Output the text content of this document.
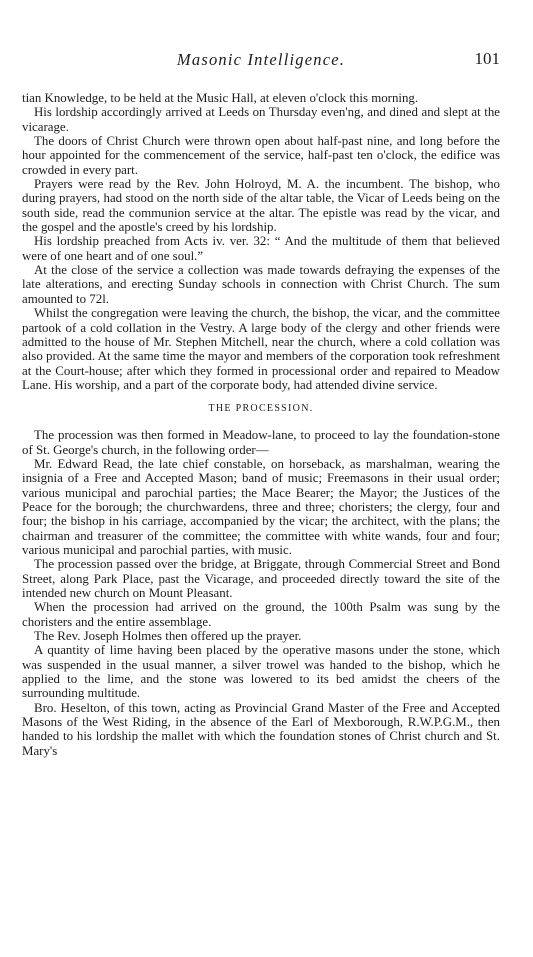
Masonic Intelligence.	101

tian Knowledge, to be held at the Music Hall, at eleven o'clock this morning.

His lordship accordingly arrived at Leeds on Thursday even'ng, and dined and slept at the vicarage.

The doors of Christ Church were thrown open about half-past nine, and long before the hour appointed for the commencement of the service, half-past ten o'clock, the edifice was crowded in every part.

Prayers were read by the Rev. John Holroyd, M. A. the incumbent. The bishop, who during prayers, had stood on the north side of the altar table, the Vicar of Leeds being on the south side, read the communion service at the altar. The epistle was read by the vicar, and the gospel and the apostle's creed by his lordship.

His lordship preached from Acts iv. ver. 32: “ And the multitude of them that believed were of one heart and of one soul.”

At the close of the service a collection was made towards defraying the expenses of the late alterations, and erecting Sunday schools in connection with Christ Church. The sum amounted to 72l.

Whilst the congregation were leaving the church, the bishop, the vicar, and the committee partook of a cold collation in the Vestry. A large body of the clergy and other friends were admitted to the house of Mr. Stephen Mitchell, near the church, where a cold collation was also provided. At the same time the mayor and members of the corporation took refreshment at the Court-house; after which they formed in processional order and repaired to Meadow Lane. His worship, and a part of the corporate body, had attended divine service.

THE PROCESSION.

The procession was then formed in Meadow-lane, to proceed to lay the foundation-stone of St. George's church, in the following order—

Mr. Edward Read, the late chief constable, on horseback, as marshalman, wearing the insignia of a Free and Accepted Mason; band of music; Freemasons in their usual order; various municipal and parochial parties; the Mace Bearer; the Mayor; the Justices of the Peace for the borough; the churchwardens, three and three; choristers; the clergy, four and four; the bishop in his carriage, accompanied by the vicar; the architect, with the plans; the chairman and treasurer of the committee; the committee with white wands, four and four; various municipal and parochial parties, with music.

The procession passed over the bridge, at Briggate, through Commercial Street and Bond Street, along Park Place, past the Vicarage, and proceeded directly toward the site of the intended new church on Mount Pleasant.

When the procession had arrived on the ground, the 100th Psalm was sung by the choristers and the entire assemblage.

The Rev. Joseph Holmes then offered up the prayer.

A quantity of lime having been placed by the operative masons under the stone, which was suspended in the usual manner, a silver trowel was handed to the bishop, which he applied to the lime, and the stone was lowered to its bed amidst the cheers of the surrounding multitude.

Bro. Heselton, of this town, acting as Provincial Grand Master of the Free and Accepted Masons of the West Riding, in the absence of the Earl of Mexborough, R.W.P.G.M., then handed to his lordship the mallet with which the foundation stones of Christ church and St. Mary's
